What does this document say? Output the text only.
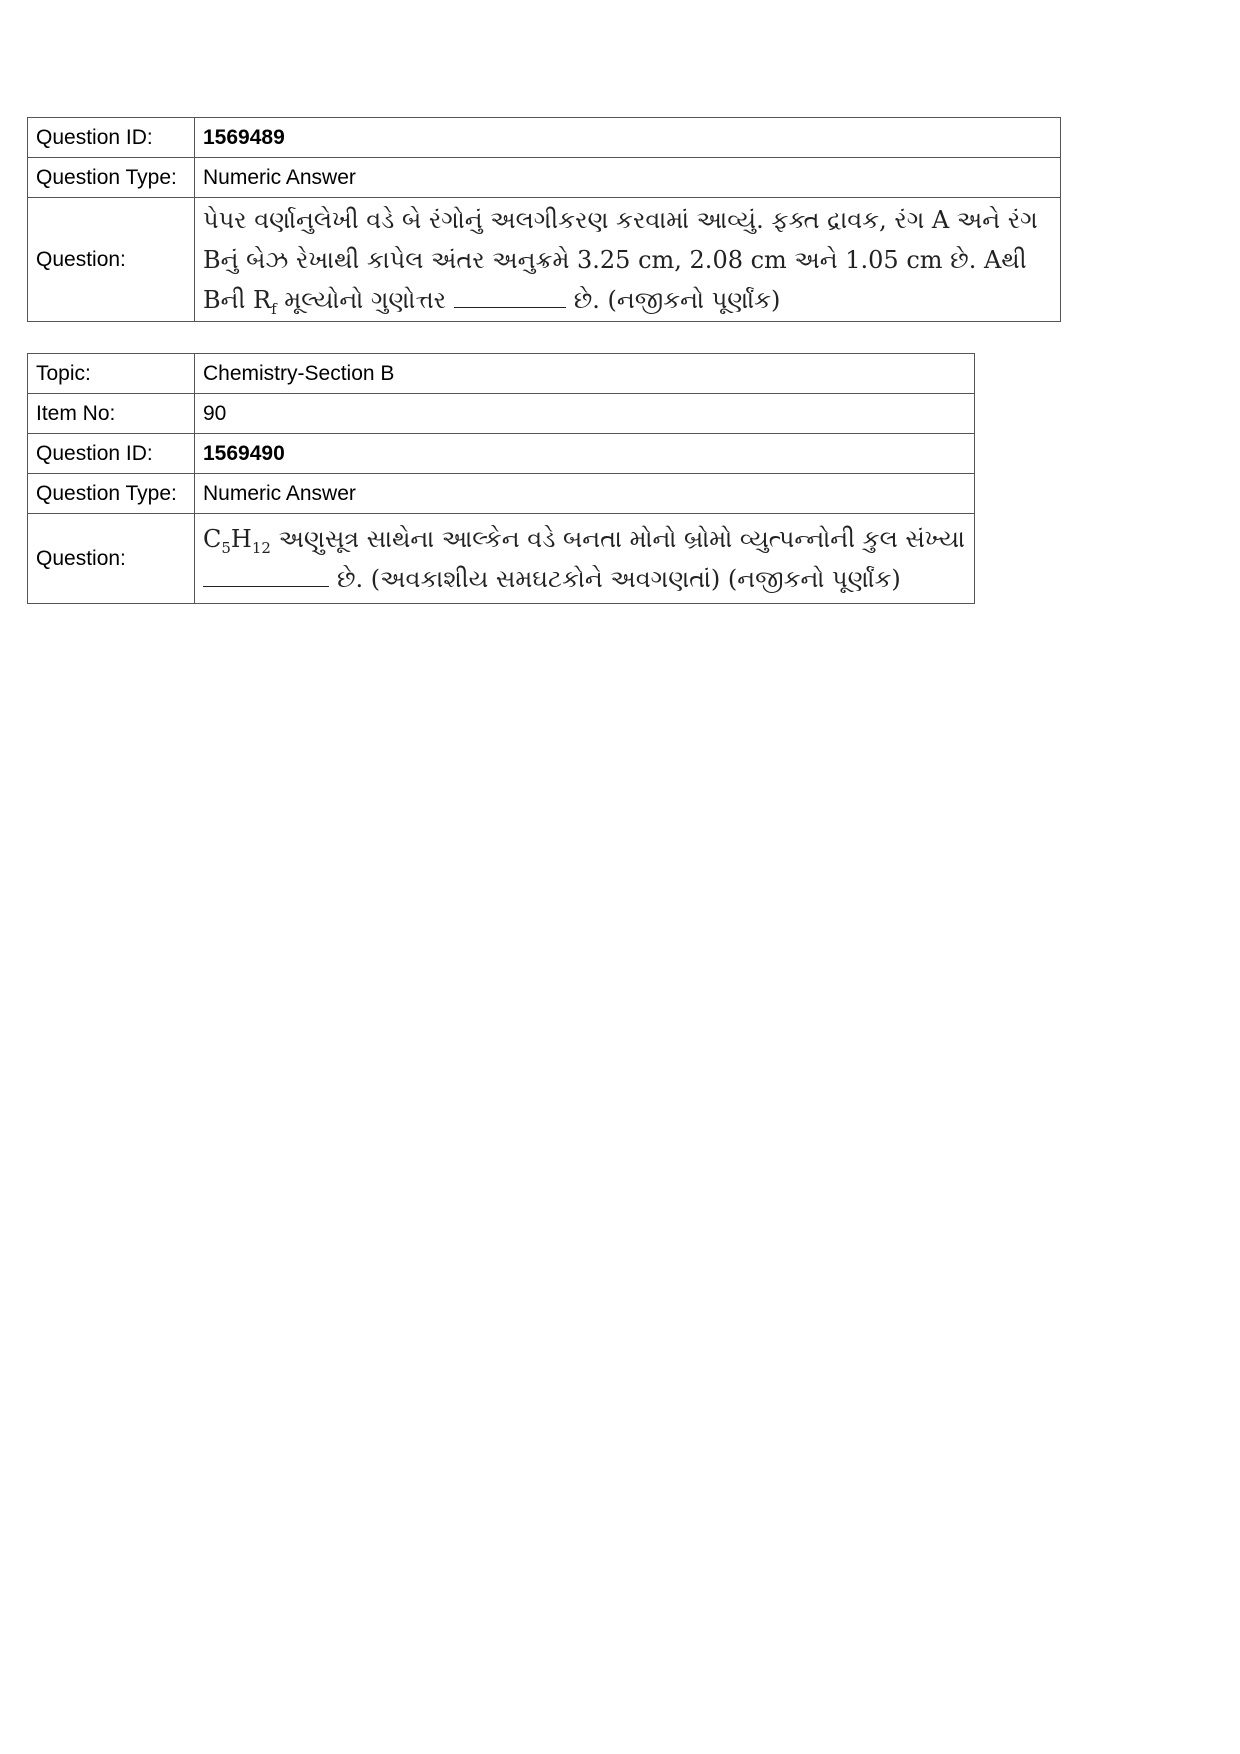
Question ID:	1569489
Question Type:	Numeric Answer
Question:	પેપર વર્ણાનુલેખી વડે બે રંગોનું અલગીકરણ કરવામાં આવ્યું. ફક્ત દ્રાવક, રંગ A અને રંગ Bનું બેઝ રેખાથી કાપેલ અંતર અનુક્રમે 3.25 cm, 2.08 cm અને 1.05 cm છે. Aથી Bની $R_f$ મૂલ્યોનો ગુણોત્તર છે. (નજીકનો પૂર્ણાંક)
Topic:	Chemistry-Section B
Item No:	90
Question ID:	1569490
Question Type:	Numeric Answer
Question:	$C_5H_{12}$ અણુસૂત્ર સાથેના આલ્કેન વડે બનતા મોનો બ્રોમો વ્યુત્પન્નોની કુલ સંખ્યા
છે. (અવકાશીય સમઘટકોને અવગણતાં) (નજીકનો પૂર્ણાંક)
